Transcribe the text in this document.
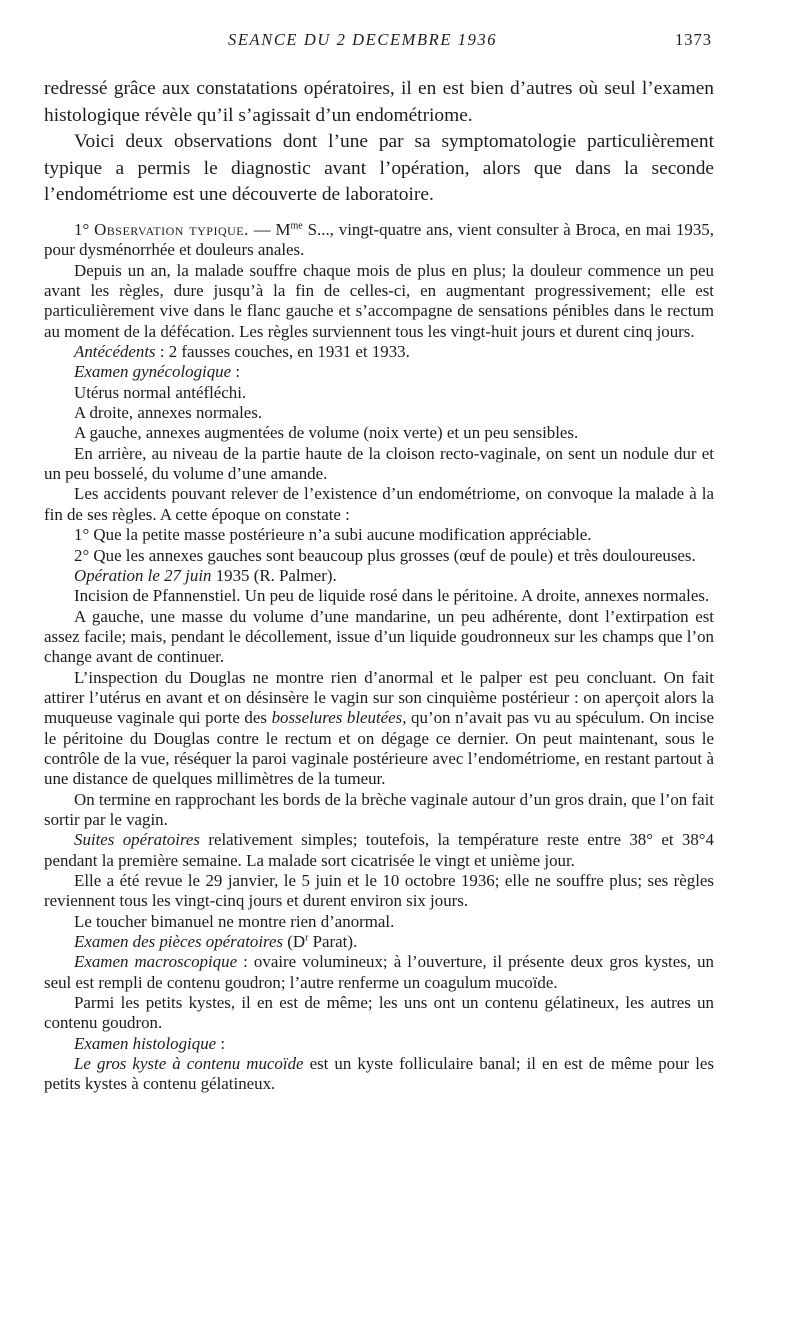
SEANCE DU 2 DECEMBRE 1936	1373

redressé grâce aux constatations opératoires, il en est bien d’autres où seul l’examen histologique révèle qu’il s’agissait d’un endométriome.

Voici deux observations dont l’une par sa symptomatologie particulièrement typique a permis le diagnostic avant l’opération, alors que dans la seconde l’endométriome est une découverte de laboratoire.

1° Observation typique. — $M^{me}$ S..., vingt-quatre ans, vient consulter à Broca, en mai 1935, pour dysménorrhée et douleurs anales.

Depuis un an, la malade souffre chaque mois de plus en plus; la douleur commence un peu avant les règles, dure jusqu’à la fin de celles-ci, en augmentant progressivement; elle est particulièrement vive dans le flanc gauche et s’accompagne de sensations pénibles dans le rectum au moment de la défécation. Les règles surviennent tous les vingt-huit jours et durent cinq jours.

Antécédents : 2 fausses couches, en 1931 et 1933.

Examen gynécologique :

Utérus normal antéfléchi.

A droite, annexes normales.

A gauche, annexes augmentées de volume (noix verte) et un peu sensibles.

En arrière, au niveau de la partie haute de la cloison recto-vaginale, on sent un nodule dur et un peu bosselé, du volume d’une amande.

Les accidents pouvant relever de l’existence d’un endométriome, on convoque la malade à la fin de ses règles. A cette époque on constate :

1° Que la petite masse postérieure n’a subi aucune modification appréciable.

2° Que les annexes gauches sont beaucoup plus grosses (œuf de poule) et très douloureuses.

Opération le 27 juin 1935 (R. Palmer).

Incision de Pfannenstiel. Un peu de liquide rosé dans le péritoine. A droite, annexes normales.

A gauche, une masse du volume d’une mandarine, un peu adhérente, dont l’extirpation est assez facile; mais, pendant le décollement, issue d’un liquide goudronneux sur les champs que l’on change avant de continuer.

L’inspection du Douglas ne montre rien d’anormal et le palper est peu concluant. On fait attirer l’utérus en avant et on désinsère le vagin sur son cinquième postérieur : on aperçoit alors la muqueuse vaginale qui porte des bosselures bleutées, qu’on n’avait pas vu au spéculum. On incise le péritoine du Douglas contre le rectum et on dégage ce dernier. On peut maintenant, sous le contrôle de la vue, réséquer la paroi vaginale postérieure avec l’endométriome, en restant partout à une distance de quelques millimètres de la tumeur.

On termine en rapprochant les bords de la brèche vaginale autour d’un gros drain, que l’on fait sortir par le vagin.

Suites opératoires relativement simples; toutefois, la température reste entre 38° et 38°4 pendant la première semaine. La malade sort cicatrisée le vingt et unième jour.

Elle a été revue le 29 janvier, le 5 juin et le 10 octobre 1936; elle ne souffre plus; ses règles reviennent tous les vingt-cinq jours et durent environ six jours.

Le toucher bimanuel ne montre rien d’anormal.

Examen des pièces opératoires ($D^r$ Parat).

Examen macroscopique : ovaire volumineux; à l’ouverture, il présente deux gros kystes, un seul est rempli de contenu goudron; l’autre renferme un coagulum mucoïde.

Parmi les petits kystes, il en est de même; les uns ont un contenu gélatineux, les autres un contenu goudron.

Examen histologique :

Le gros kyste à contenu mucoïde est un kyste folliculaire banal; il en est de même pour les petits kystes à contenu gélatineux.
